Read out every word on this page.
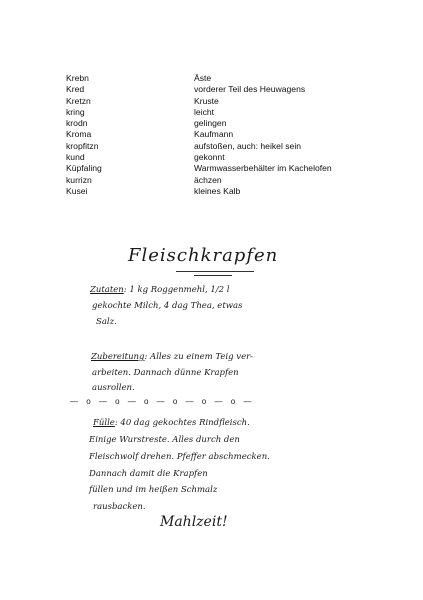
Krebn	Äste
Kred	vorderer Teil des Heuwagens
Kretzn	Kruste
kring	leicht
krodn	gelingen
Kroma	Kaufmann
kropfitzn	aufstoßen, auch: heikel sein
kund	gekonnt
Küpfaling	Warmwasserbehälter im Kachelofen
kurrizn	ächzen
Kusei	kleines Kalb
Fleischkrapfen
Zutaten: 1 kg Roggenmehl, 1/2 l
gekochte Milch, 4 dag Thea, etwas
Salz.
Zubereitung: Alles zu einem Teig ver-
arbeiten. Dannach dünne Krapfen
ausrollen.
— o — o — o — o — o — o —
Fülle: 40 dag gekochtes Rindfleisch.
Einige Wurstreste. Alles durch den
Fleischwolf drehen. Pfeffer abschmecken.
Dannach damit die Krapfen
füllen und im heißen Schmalz
rausbacken.
Mahlzeit!
